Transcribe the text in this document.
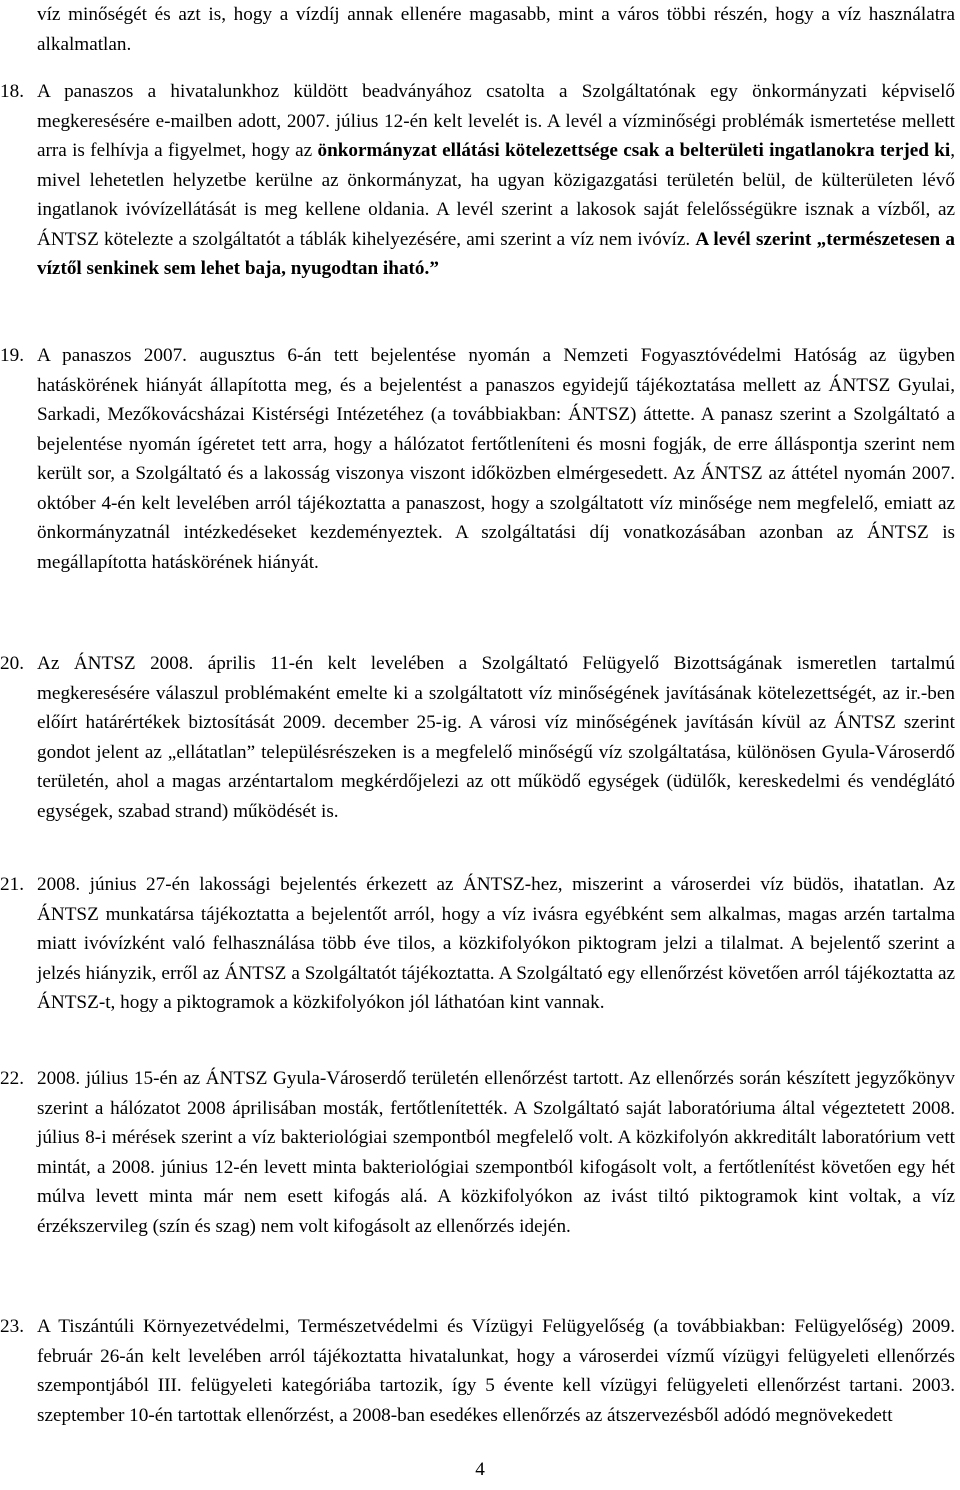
víz minőségét és azt is, hogy a vízdíj annak ellenére magasabb, mint a város többi részén, hogy a víz használatra alkalmatlan.

18. A panaszos a hivatalunkhoz küldött beadványához csatolta a Szolgáltatónak egy önkormányzati képviselő megkeresésére e-mailben adott, 2007. július 12-én kelt levelét is. A levél a vízminőségi problémák ismertetése mellett arra is felhívja a figyelmet, hogy az önkormányzat ellátási kötelezettsége csak a belterületi ingatlanokra terjed ki, mivel lehetetlen helyzetbe kerülne az önkormányzat, ha ugyan közigazgatási területén belül, de külterületen lévő ingatlanok ivóvízellátását is meg kellene oldania. A levél szerint a lakosok saját felelősségükre isznak a vízből, az ÁNTSZ kötelezte a szolgáltatót a táblák kihelyezésére, ami szerint a víz nem ivóvíz. A levél szerint „természetesen a víztől senkinek sem lehet baja, nyugodtan iható.”

19. A panaszos 2007. augusztus 6-án tett bejelentése nyomán a Nemzeti Fogyasztóvédelmi Hatóság az ügyben hatáskörének hiányát állapította meg, és a bejelentést a panaszos egyidejű tájékoztatása mellett az ÁNTSZ Gyulai, Sarkadi, Mezőkovácsházai Kistérségi Intézetéhez (a továbbiakban: ÁNTSZ) áttette. A panasz szerint a Szolgáltató a bejelentése nyomán ígéretet tett arra, hogy a hálózatot fertőtleníteni és mosni fogják, de erre álláspontja szerint nem került sor, a Szolgáltató és a lakosság viszonya viszont időközben elmérgesedett. Az ÁNTSZ az áttétel nyomán 2007. október 4-én kelt levelében arról tájékoztatta a panaszost, hogy a szolgáltatott víz minősége nem megfelelő, emiatt az önkormányzatnál intézkedéseket kezdeményeztek. A szolgáltatási díj vonatkozásában azonban az ÁNTSZ is megállapította hatáskörének hiányát.

20. Az ÁNTSZ 2008. április 11-én kelt levelében a Szolgáltató Felügyelő Bizottságának ismeretlen tartalmú megkeresésére válaszul problémaként emelte ki a szolgáltatott víz minőségének javításának kötelezettségét, az ir.-ben előírt határértékek biztosítását 2009. december 25-ig. A városi víz minőségének javításán kívül az ÁNTSZ szerint gondot jelent az „ellátatlan” településrészeken is a megfelelő minőségű víz szolgáltatása, különösen Gyula-Városerdő területén, ahol a magas arzéntartalom megkérdőjelezi az ott működő egységek (üdülők, kereskedelmi és vendéglátó egységek, szabad strand) működését is.

21. 2008. június 27-én lakossági bejelentés érkezett az ÁNTSZ-hez, miszerint a városerdei víz büdös, ihatatlan. Az ÁNTSZ munkatársa tájékoztatta a bejelentőt arról, hogy a víz ivásra egyébként sem alkalmas, magas arzén tartalma miatt ivóvízként való felhasználása több éve tilos, a közkifolyókon piktogram jelzi a tilalmat. A bejelentő szerint a jelzés hiányzik, erről az ÁNTSZ a Szolgáltatót tájékoztatta. A Szolgáltató egy ellenőrzést követően arról tájékoztatta az ÁNTSZ-t, hogy a piktogramok a közkifolyókon jól láthatóan kint vannak.

22. 2008. július 15-én az ÁNTSZ Gyula-Városerdő területén ellenőrzést tartott. Az ellenőrzés során készített jegyzőkönyv szerint a hálózatot 2008 áprilisában mosták, fertőtlenítették. A Szolgáltató saját laboratóriuma által végeztetett 2008. július 8-i mérések szerint a víz bakteriológiai szempontból megfelelő volt. A közkifolyón akkreditált laboratórium vett mintát, a 2008. június 12-én levett minta bakteriológiai szempontból kifogásolt volt, a fertőtlenítést követően egy hét múlva levett minta már nem esett kifogás alá. A közkifolyókon az ivást tiltó piktogramok kint voltak, a víz érzékszervileg (szín és szag) nem volt kifogásolt az ellenőrzés idején.

23. A Tiszántúli Környezetvédelmi, Természetvédelmi és Vízügyi Felügyelőség (a továbbiakban: Felügyelőség) 2009. február 26-án kelt levelében arról tájékoztatta hivatalunkat, hogy a városerdei vízmű vízügyi felügyeleti ellenőrzés szempontjából III. felügyeleti kategóriába tartozik, így 5 évente kell vízügyi felügyeleti ellenőrzést tartani. 2003. szeptember 10-én tartottak ellenőrzést, a 2008-ban esedékes ellenőrzés az átszervezésből adódó megnövekedett

4
